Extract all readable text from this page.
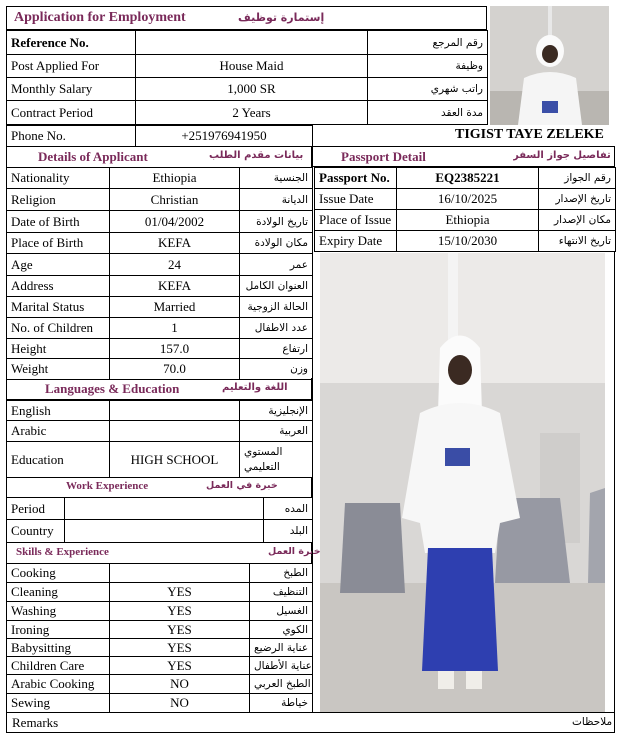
Application for Employment	إستمارة توظيف
Reference No.		رقم المرجع
Post Applied For	House Maid	وظيفة
Monthly Salary	1,000 SR	راتب شهري
Contract Period	2 Years	مدة العقد
Phone No.	+251976941950	TIGIST TAYE ZELEKE
Details of Applicant	بيانات مقدم الطلب
Nationality	Ethiopia	الجنسية
Religion	Christian	الديانة
Date of Birth	01/04/2002	تاريخ الولادة
Place of Birth	KEFA	مكان الولادة
Age	24	عمر
Address	KEFA	العنوان الكامل
Marital Status	Married	الحالة الزوجية
No. of Children	1	عدد الاطفال
Height	157.0	ارتفاع
Weight	70.0	وزن
Passport Detail	تفاصيل جواز السفر
Passport No.	EQ2385221	رقم الجواز
Issue Date	16/10/2025	تاريخ الإصدار
Place of Issue	Ethiopia	مكان الإصدار
Expiry Date	15/10/2030	تاريخ الانتهاء
Languages & Education	اللغة والتعليم
English		الإنجليزية
Arabic		العربية
Education	HIGH SCHOOL	المستوي التعليمي
Work Experience	خبرة في العمل
Period		المده
Country		البلد
Skills & Experience	خبرة العمل
Cooking		الطبخ
Cleaning	YES	التنظيف
Washing	YES	الغسيل
Ironing	YES	الكوي
Babysitting	YES	عناية الرضيع
Children Care	YES	عناية الأطفال
Arabic Cooking	NO	الطبخ العربي
Sewing	NO	خياطة
Remarks	ملاحظات
